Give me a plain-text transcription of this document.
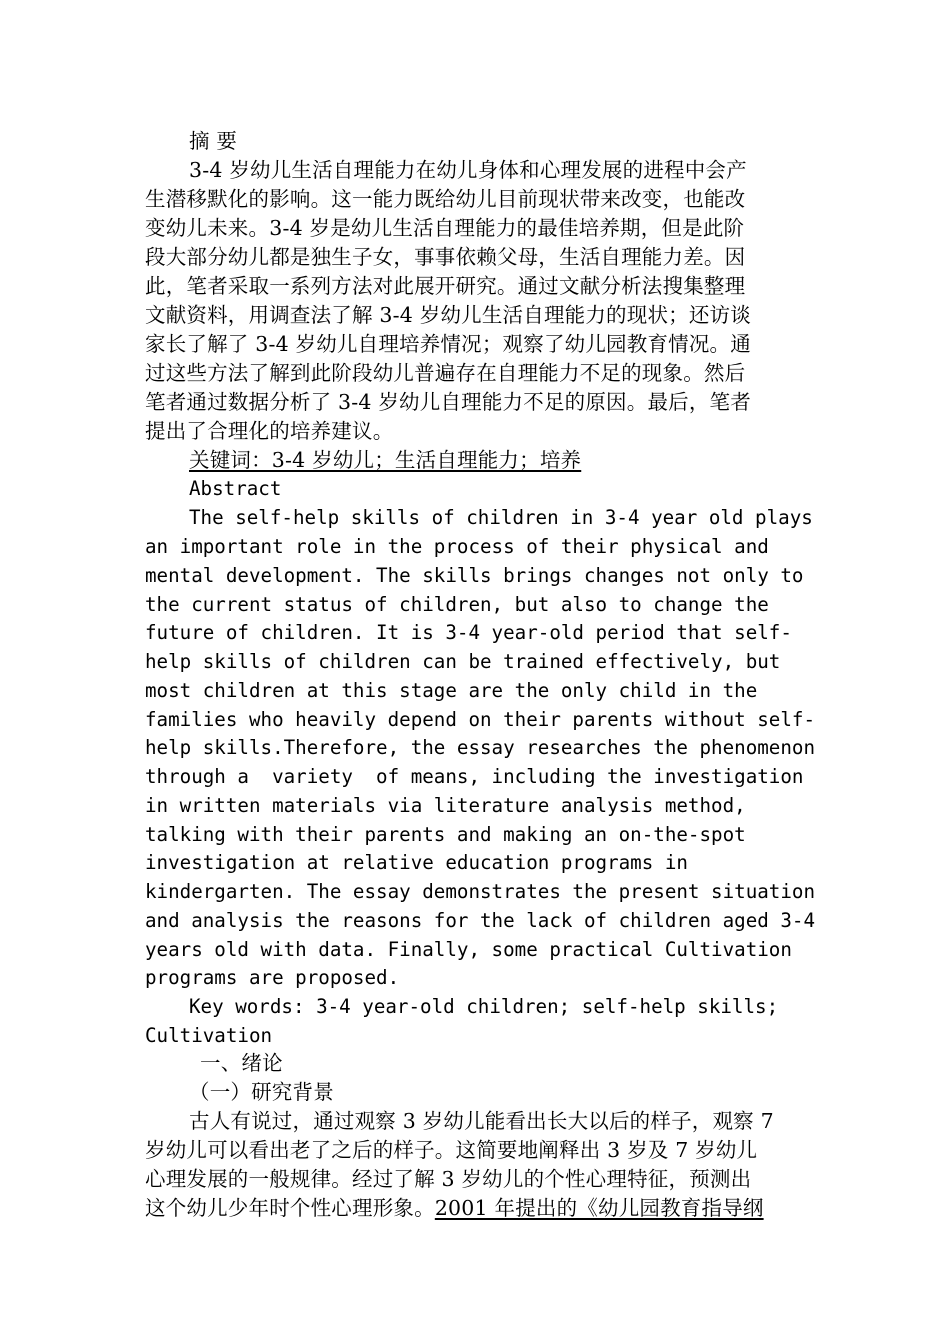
摘 要
3-4 岁幼儿生活自理能力在幼儿身体和心理发展的进程中会产
生潜移默化的影响。这一能力既给幼儿目前现状带来改变，也能改
变幼儿未来。3-4 岁是幼儿生活自理能力的最佳培养期，但是此阶
段大部分幼儿都是独生子女，事事依赖父母，生活自理能力差。因
此，笔者采取一系列方法对此展开研究。通过文献分析法搜集整理
文献资料，用调查法了解 3-4 岁幼儿生活自理能力的现状；还访谈
家长了解了 3-4 岁幼儿自理培养情况；观察了幼儿园教育情况。通
过这些方法了解到此阶段幼儿普遍存在自理能力不足的现象。然后
笔者通过数据分析了 3-4 岁幼儿自理能力不足的原因。最后，笔者
提出了合理化的培养建议。
关键词：3-4 岁幼儿；生活自理能力；培养
Abstract
The self-help skills of children in 3-4 year old plays
an important role in the process of their physical and
mental development. The skills brings changes not only to
the current status of children, but also to change the
future of children. It is 3-4 year-old period that self-
help skills of children can be trained effectively, but
most children at this stage are the only child in the
families who heavily depend on their parents without self-
help skills.Therefore, the essay researches the phenomenon
through a  variety  of means, including the investigation
in written materials via literature analysis method,
talking with their parents and making an on-the-spot
investigation at relative education programs in
kindergarten. The essay demonstrates the present situation
and analysis the reasons for the lack of children aged 3-4
years old with data. Finally, some practical Cultivation
programs are proposed.
Key words: 3-4 year-old children; self-help skills;
Cultivation
一、绪论
（一）研究背景
古人有说过，通过观察 3 岁幼儿能看出长大以后的样子，观察 7
岁幼儿可以看出老了之后的样子。这简要地阐释出 3 岁及 7 岁幼儿
心理发展的一般规律。经过了解 3 岁幼儿的个性心理特征，预测出
这个幼儿少年时个性心理形象。2001 年提出的《幼儿园教育指导纲
